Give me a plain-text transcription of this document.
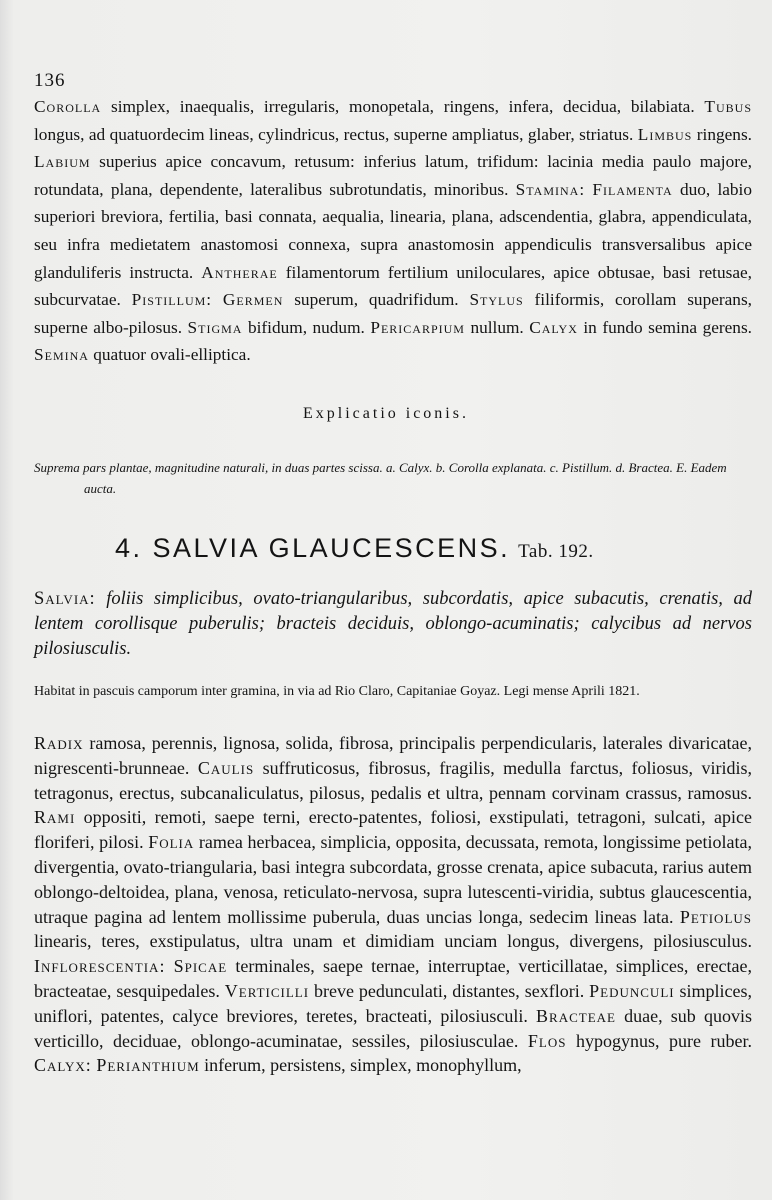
136
Corolla simplex, inaequalis, irregularis, monopetala, ringens, infera, decidua, bilabiata. Tubus longus, ad quatuordecim lineas, cylindricus, rectus, superne ampliatus, glaber, striatus. Limbus ringens. Labium superius apice concavum, retusum: inferius latum, trifidum: lacinia media paulo majore, rotundata, plana, dependente, lateralibus subrotundatis, minoribus. Stamina: Filamenta duo, labio superiori breviora, fertilia, basi connata, aequalia, linearia, plana, adscendentia, glabra, appendiculata, seu infra medietatem anastomosi connexa, supra anastomosin appendiculis transversalibus apice glanduliferis instructa. Antherae filamentorum fertilium uniloculares, apice obtusae, basi retusae, subcurvatae. Pistillum: Germen superum, quadrifidum. Stylus filiformis, corollam superans, superne albo-pilosus. Stigma bifidum, nudum. Pericarpium nullum. Calyx in fundo semina gerens. Semina quatuor ovali-elliptica.
Explicatio iconis.
Suprema pars plantae, magnitudine naturali, in duas partes scissa. a. Calyx. b. Corolla explanata. c. Pistillum. d. Bractea. E. Eadem aucta.
4. SALVIA GLAUCESCENS. Tab. 192.
Salvia: foliis simplicibus, ovato-triangularibus, subcordatis, apice subacutis, crenatis, ad lentem corollisque puberulis; bracteis deciduis, oblongo-acuminatis; calycibus ad nervos pilosiusculis.
Habitat in pascuis camporum inter gramina, in via ad Rio Claro, Capitaniae Goyaz. Legi mense Aprili 1821.
Radix ramosa, perennis, lignosa, solida, fibrosa, principalis perpendicularis, laterales divaricatae, nigrescenti-brunneae. Caulis suffruticosus, fibrosus, fragilis, medulla farctus, foliosus, viridis, tetragonus, erectus, subcanaliculatus, pilosus, pedalis et ultra, pennam corvinam crassus, ramosus. Rami oppositi, remoti, saepe terni, erecto-patentes, foliosi, exstipulati, tetragoni, sulcati, apice floriferi, pilosi. Folia ramea herbacea, simplicia, opposita, decussata, remota, longissime petiolata, divergentia, ovato-triangularia, basi integra subcordata, grosse crenata, apice subacuta, rarius autem oblongo-deltoidea, plana, venosa, reticulato-nervosa, supra lutescenti-viridia, subtus glaucescentia, utraque pagina ad lentem mollissime puberula, duas uncias longa, sedecim lineas lata. Petiolus linearis, teres, exstipulatus, ultra unam et dimidiam unciam longus, divergens, pilosiusculus. Inflorescentia: Spicae terminales, saepe ternae, interruptae, verticillatae, simplices, erectae, bracteatae, sesquipedales. Verticilli breve pedunculati, distantes, sexflori. Pedunculi simplices, uniflori, patentes, calyce breviores, teretes, bracteati, pilosiusculi. Bracteae duae, sub quovis verticillo, deciduae, oblongo-acuminatae, sessiles, pilosiusculae. Flos hypogynus, pure ruber. Calyx: Perianthium inferum, persistens, simplex, monophyllum,
